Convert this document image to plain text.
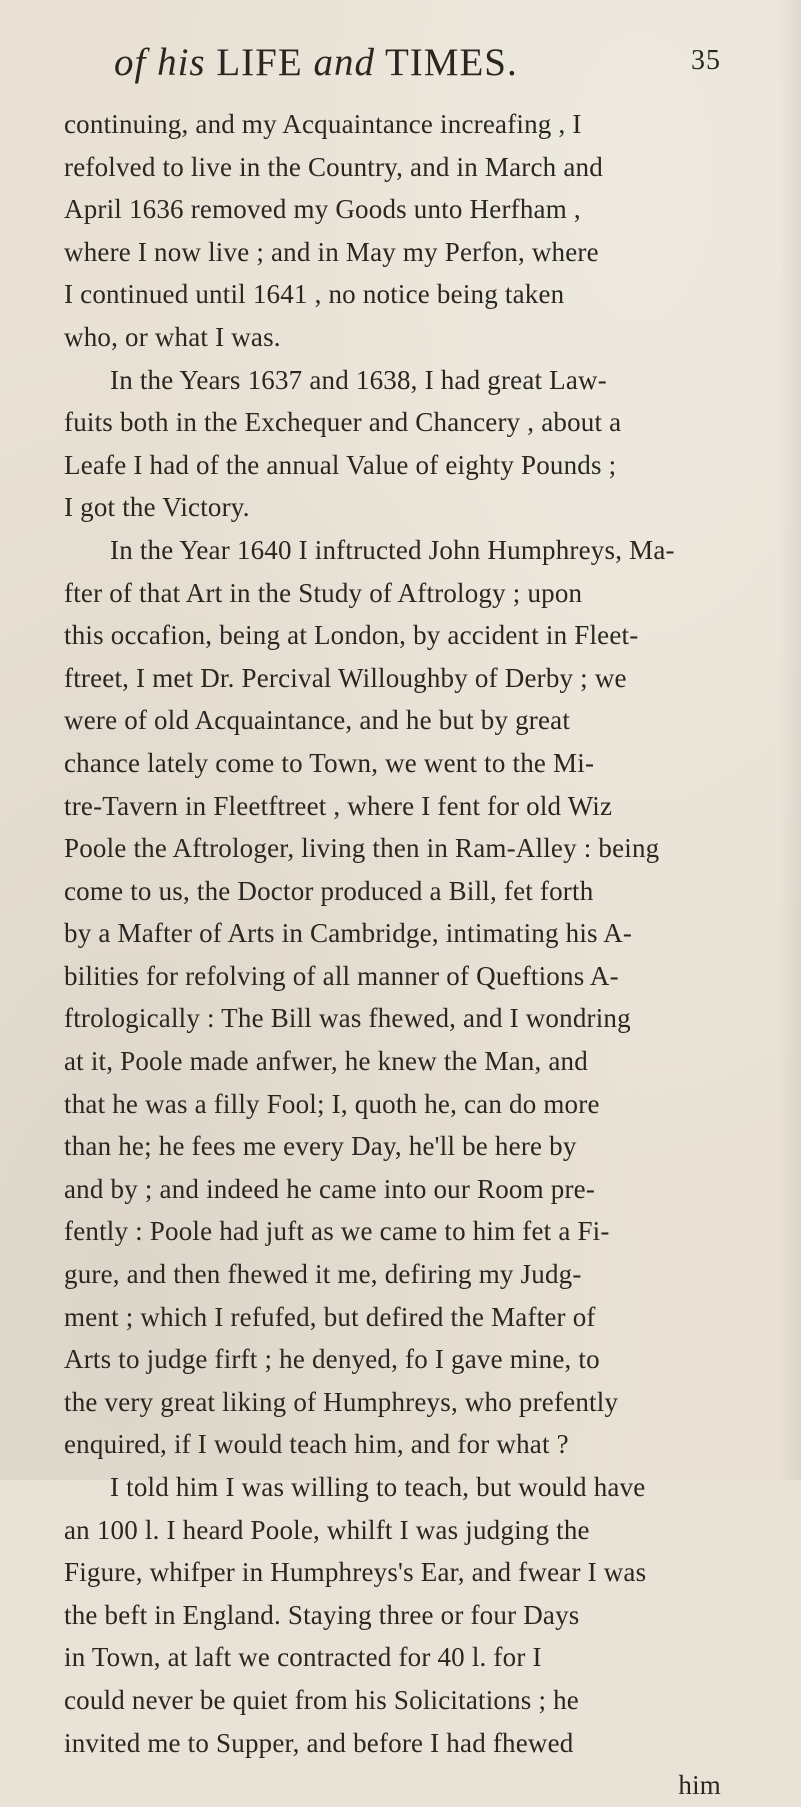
of his LIFE and TIMES.	35
continuing, and my Acquaintance increafing , I
refolved to live in the Country, and in March and
April 1636 removed my Goods unto Herfham ,
where I now live ; and in May my Perfon, where
I continued until 1641 , no notice being taken
who, or what I was.
In the Years 1637 and 1638, I had great Law-
fuits both in the Exchequer and Chancery , about a
Leafe I had of the annual Value of eighty Pounds ;
I got the Victory.
In the Year 1640 I inftructed John Humphreys, Ma-
fter of that Art in the Study of Aftrology ; upon
this occafion, being at London, by accident in Fleet-
ftreet, I met Dr. Percival Willoughby of Derby ; we
were of old Acquaintance, and he but by great
chance lately come to Town, we went to the Mi-
tre-Tavern in Fleetftreet , where I fent for old Wiz
Poole the Aftrologer, living then in Ram-Alley : being
come to us, the Doctor produced a Bill, fet forth
by a Mafter of Arts in Cambridge, intimating his A-
bilities for refolving of all manner of Queftions A-
ftrologically : The Bill was fhewed, and I wondring
at it, Poole made anfwer, he knew the Man, and
that he was a filly Fool; I, quoth he, can do more
than he; he fees me every Day, he'll be here by
and by ; and indeed he came into our Room pre-
fently : Poole had juft as we came to him fet a Fi-
gure, and then fhewed it me, defiring my Judg-
ment ; which I refufed, but defired the Mafter of
Arts to judge firft ; he denyed, fo I gave mine, to
the very great liking of Humphreys, who prefently
enquired, if I would teach him, and for what ?
I told him I was willing to teach, but would have
an 100 l. I heard Poole, whilft I was judging the
Figure, whifper in Humphreys's Ear, and fwear I was
the beft in England. Staying three or four Days
in Town, at laft we contracted for 40 l. for I
could never be quiet from his Solicitations ; he
invited me to Supper, and before I had fhewed
him
